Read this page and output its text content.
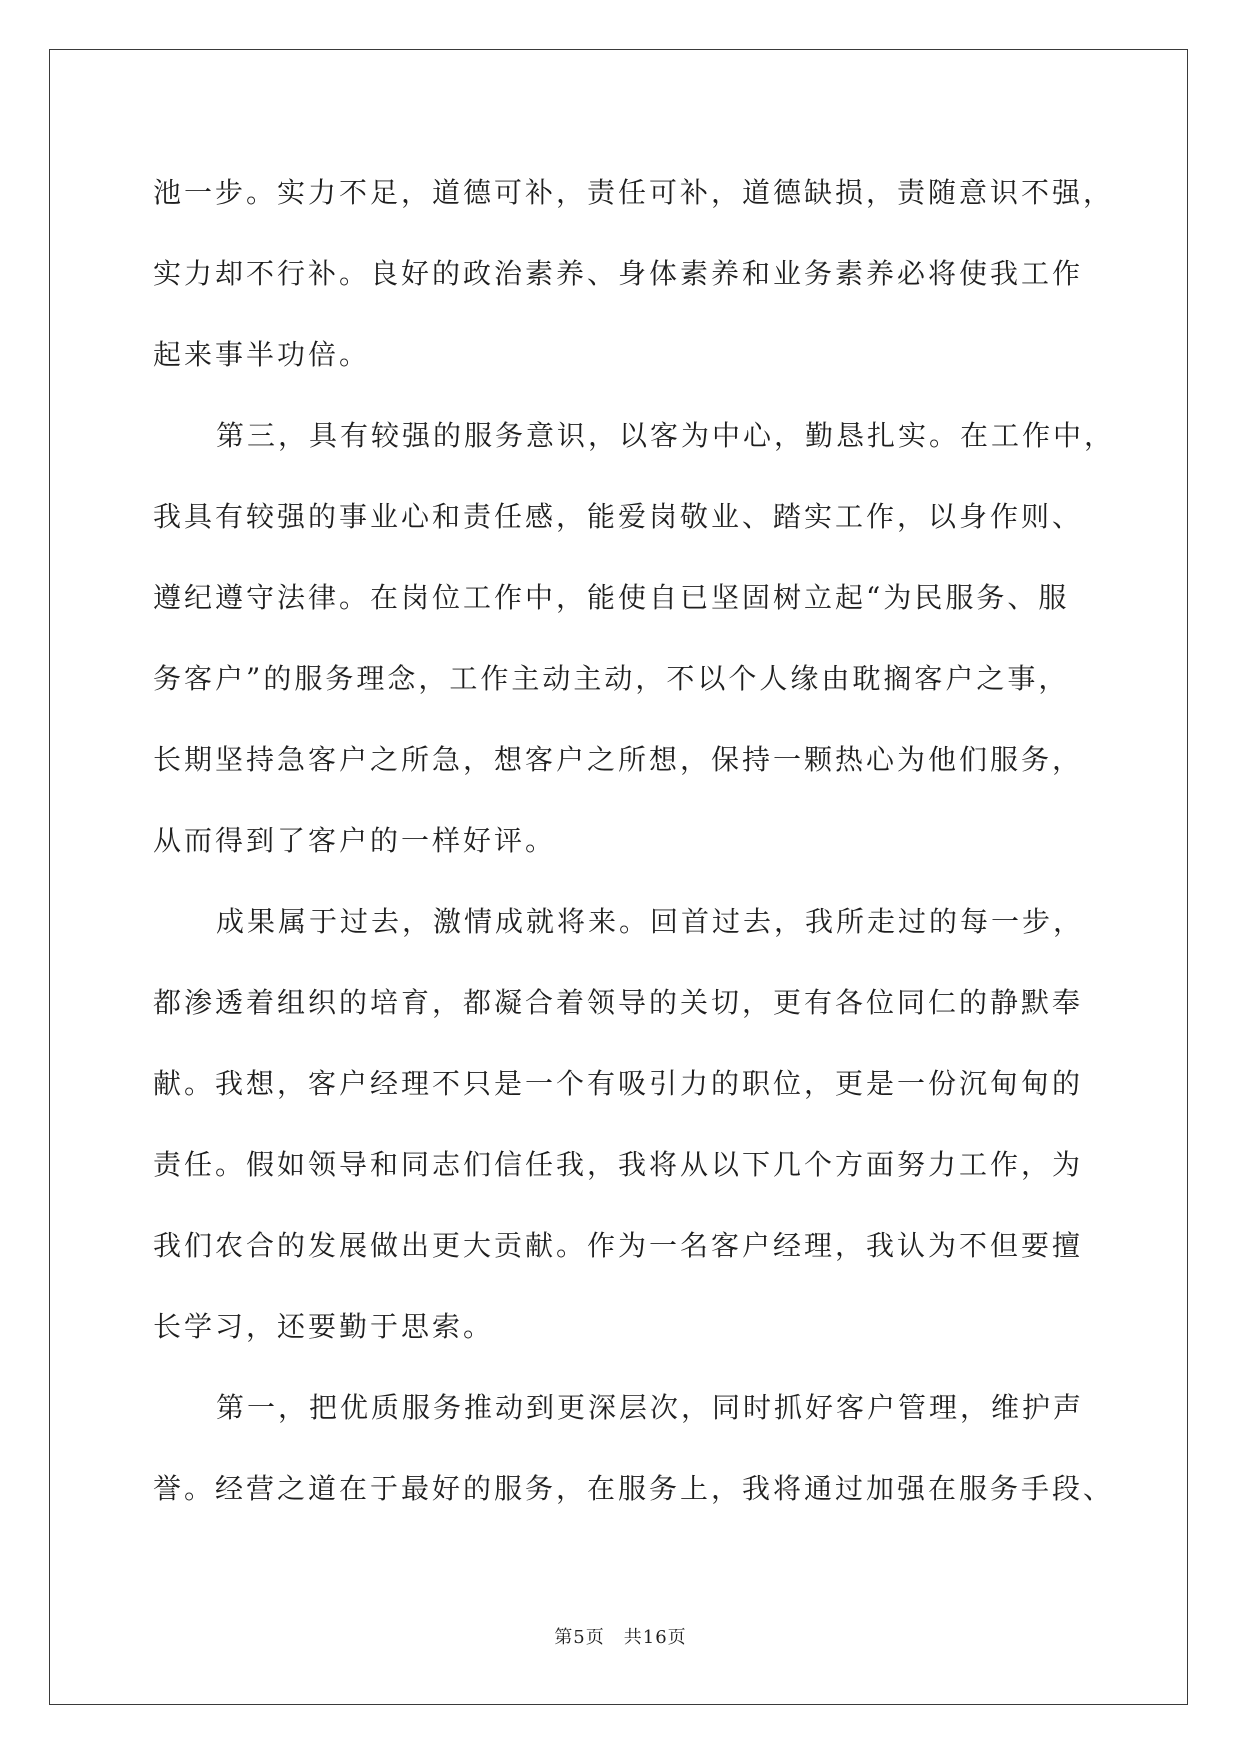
池一步。实力不足，道德可补，责任可补，道德缺损，责随意识不强，
实力却不行补。良好的政治素养、身体素养和业务素养必将使我工作
起来事半功倍。
第三，具有较强的服务意识，以客为中心，勤恳扎实。在工作中，
我具有较强的事业心和责任感，能爱岗敬业、踏实工作，以身作则、
遵纪遵守法律。在岗位工作中，能使自已坚固树立起“为民服务、服
务客户”的服务理念，工作主动主动，不以个人缘由耽搁客户之事，
长期坚持急客户之所急，想客户之所想，保持一颗热心为他们服务，
从而得到了客户的一样好评。
成果属于过去，激情成就将来。回首过去，我所走过的每一步，
都渗透着组织的培育，都凝合着领导的关切，更有各位同仁的静默奉
献。我想，客户经理不只是一个有吸引力的职位，更是一份沉甸甸的
责任。假如领导和同志们信任我，我将从以下几个方面努力工作，为
我们农合的发展做出更大贡献。作为一名客户经理，我认为不但要擅
长学习，还要勤于思索。
第一，把优质服务推动到更深层次，同时抓好客户管理，维护声
誉。经营之道在于最好的服务，在服务上，我将通过加强在服务手段、
第5页　共16页
